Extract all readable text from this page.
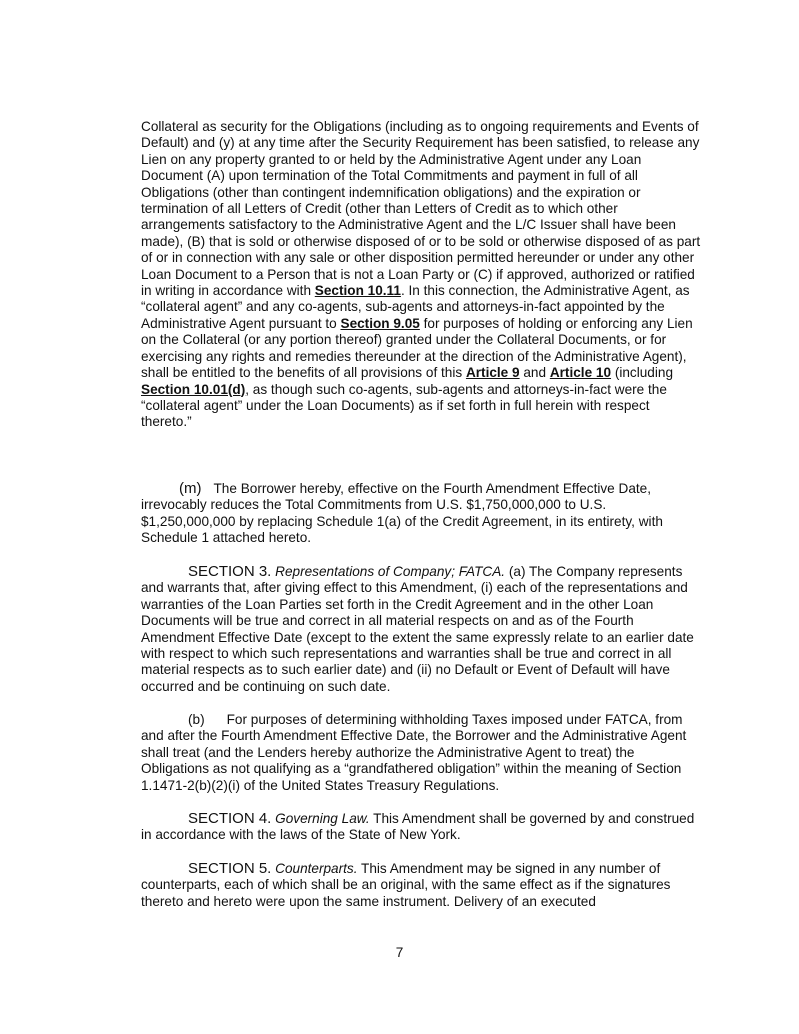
Collateral as security for the Obligations (including as to ongoing requirements and Events of Default) and (y) at any time after the Security Requirement has been satisfied, to release any Lien on any property granted to or held by the Administrative Agent under any Loan Document (A) upon termination of the Total Commitments and payment in full of all Obligations (other than contingent indemnification obligations) and the expiration or termination of all Letters of Credit (other than Letters of Credit as to which other arrangements satisfactory to the Administrative Agent and the L/C Issuer shall have been made), (B) that is sold or otherwise disposed of or to be sold or otherwise disposed of as part of or in connection with any sale or other disposition permitted hereunder or under any other Loan Document to a Person that is not a Loan Party or (C) if approved, authorized or ratified in writing in accordance with Section 10.11. In this connection, the Administrative Agent, as “collateral agent” and any co-agents, sub-agents and attorneys-in-fact appointed by the Administrative Agent pursuant to Section 9.05 for purposes of holding or enforcing any Lien on the Collateral (or any portion thereof) granted under the Collateral Documents, or for exercising any rights and remedies thereunder at the direction of the Administrative Agent), shall be entitled to the benefits of all provisions of this Article 9 and Article 10 (including Section 10.01(d), as though such co-agents, sub-agents and attorneys-in-fact were the “collateral agent” under the Loan Documents) as if set forth in full herein with respect thereto.”
(m) The Borrower hereby, effective on the Fourth Amendment Effective Date, irrevocably reduces the Total Commitments from U.S. $1,750,000,000 to U.S. $1,250,000,000 by replacing Schedule 1(a) of the Credit Agreement, in its entirety, with Schedule 1 attached hereto.
SECTION 3. Representations of Company; FATCA. (a) The Company represents and warrants that, after giving effect to this Amendment, (i) each of the representations and warranties of the Loan Parties set forth in the Credit Agreement and in the other Loan Documents will be true and correct in all material respects on and as of the Fourth Amendment Effective Date (except to the extent the same expressly relate to an earlier date with respect to which such representations and warranties shall be true and correct in all material respects as to such earlier date) and (ii) no Default or Event of Default will have occurred and be continuing on such date.
(b) For purposes of determining withholding Taxes imposed under FATCA, from and after the Fourth Amendment Effective Date, the Borrower and the Administrative Agent shall treat (and the Lenders hereby authorize the Administrative Agent to treat) the Obligations as not qualifying as a “grandfathered obligation” within the meaning of Section 1.1471-2(b)(2)(i) of the United States Treasury Regulations.
SECTION 4. Governing Law. This Amendment shall be governed by and construed in accordance with the laws of the State of New York.
SECTION 5. Counterparts. This Amendment may be signed in any number of counterparts, each of which shall be an original, with the same effect as if the signatures thereto and hereto were upon the same instrument. Delivery of an executed
7
